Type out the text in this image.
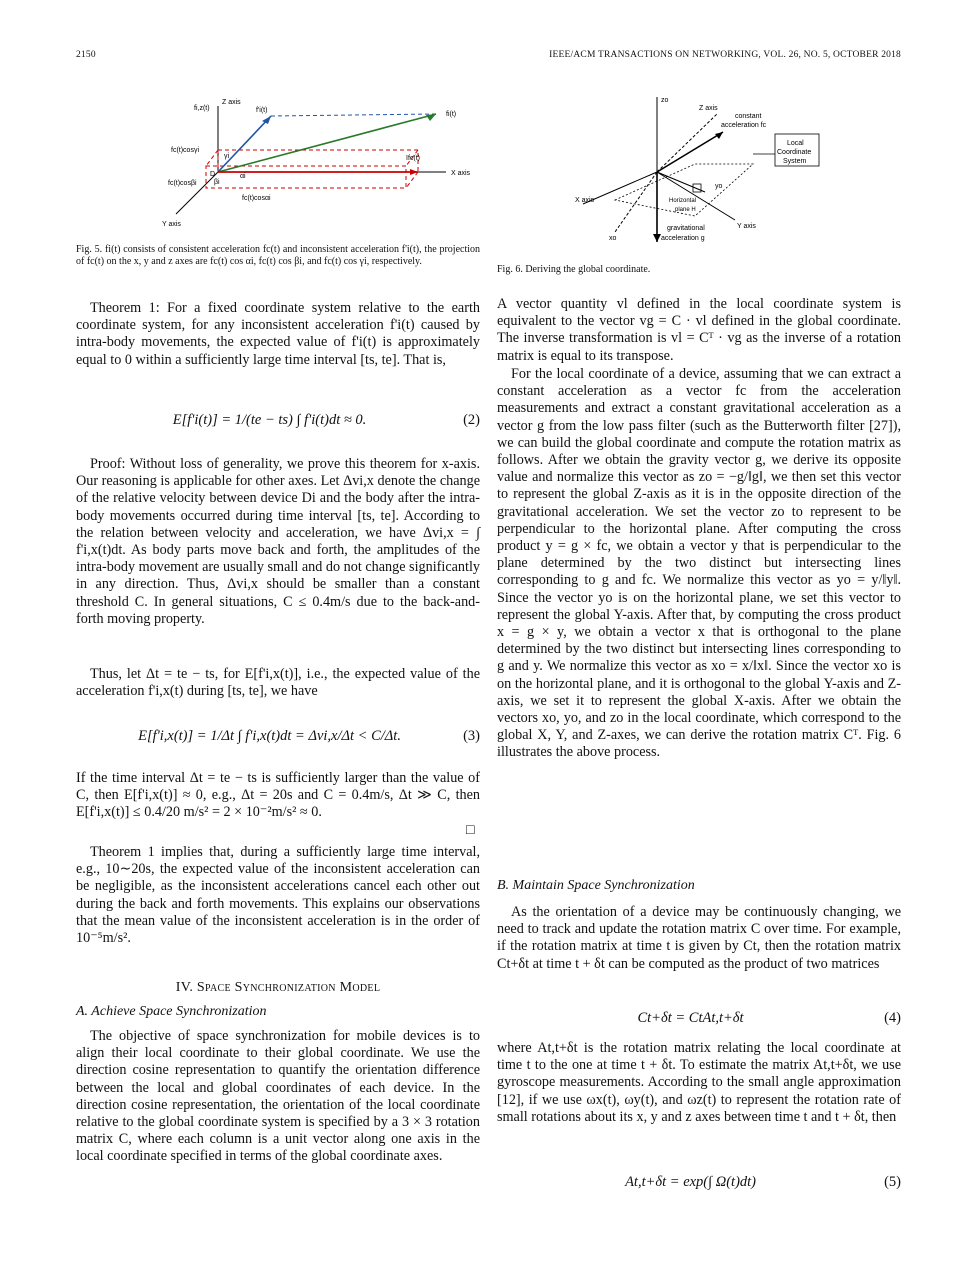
2150	IEEE/ACM TRANSACTIONS ON NETWORKING, VOL. 26, NO. 5, OCTOBER 2018
fi,z(t)
Z axis
f'i(t)
fi(t)
fc(t)cosγi
γi	Ifc(t)
X axis
fc(t)cosβi βi
αi
D
fc(t)cosαi
Y axis
Fig. 5. fi(t) consists of consistent acceleration fc(t) and inconsistent acceleration f'i(t), the projection of fc(t) on the x, y and z axes are fc(t) cos αi, fc(t) cos βi, and fc(t) cos γi, respectively.

Theorem 1: For a fixed coordinate system relative to the earth coordinate system, for any inconsistent acceleration f'i(t) caused by intra-body movements, the expected value of f'i(t) is approximately equal to 0 within a sufficiently large time interval [ts, te]. That is,

E[f'i(t)] = 1/(te − ts) ∫ f'i(t)dt ≈ 0.	(2)

Proof: Without loss of generality, we prove this theorem for x-axis. Our reasoning is applicable for other axes. Let Δvi,x denote the change of the relative velocity between device Di and the body after the intra-body movements occurred during time interval [ts, te]. According to the relation between velocity and acceleration, we have Δvi,x = ∫ f'i,x(t)dt. As body parts move back and forth, the amplitudes of the intra-body movement are usually small and do not change significantly in any direction. Thus, Δvi,x should be smaller than a constant threshold C. In general situations, C ≤ 0.4m/s due to the back-and-forth moving property.

Thus, let Δt = te − ts, for E[f'i,x(t)], i.e., the expected value of the acceleration f'i,x(t) during [ts, te], we have

E[f'i,x(t)] = 1/Δt ∫ f'i,x(t)dt = Δvi,x/Δt < C/Δt.	(3)

If the time interval Δt = te − ts is sufficiently larger than the value of C, then E[f'i,x(t)] ≈ 0, e.g., Δt = 20s and C = 0.4m/s, Δt ≫ C, then E[f'i,x(t)] ≤ 0.4/20 m/s² = 2 × 10⁻²m/s² ≈ 0.

□

Theorem 1 implies that, during a sufficiently large time interval, e.g., 10∼20s, the expected value of the inconsistent acceleration can be negligible, as the inconsistent accelerations cancel each other out during the back and forth movements. This explains our observations that the mean value of the inconsistent acceleration is in the order of 10⁻⁵m/s².

IV. Space Synchronization Model
A. Achieve Space Synchronization

The objective of space synchronization for mobile devices is to align their local coordinate to their global coordinate. We use the direction cosine representation to quantify the orientation difference between the local and global coordinates of each device. In the direction cosine representation, the orientation of the local coordinate relative to the global coordinate system is specified by a 3 × 3 rotation matrix C, where each column is a unit vector along one axis in the local coordinate specified in terms of the global coordinate axes.

zo
Z axis
constant
acceleration fc
Local
Coordinate
System
yo
X axis	Horizontal
plane H
gravitational
acceleration g
Y axis
xo
Fig. 6. Deriving the global coordinate.

A vector quantity vl defined in the local coordinate system is equivalent to the vector vg = C · vl defined in the global coordinate. The inverse transformation is vl = Cᵀ · vg as the inverse of a rotation matrix is equal to its transpose.

For the local coordinate of a device, assuming that we can extract a constant acceleration as a vector fc from the acceleration measurements and extract a constant gravitational acceleration as a vector g from the low pass filter (such as the Butterworth filter [27]), we can build the global coordinate and compute the rotation matrix as follows. After we obtain the gravity vector g, we derive its opposite value and normalize this vector as zo = −g/‖g‖, we then set this vector to represent the global Z-axis as it is in the opposite direction of the gravitational acceleration. We set the vector zo to represent to be perpendicular to the horizontal plane. After computing the cross product y = g × fc, we obtain a vector y that is perpendicular to the plane determined by the two distinct but intersecting lines corresponding to g and fc. We normalize this vector as yo = y/‖y‖. Since the vector yo is on the horizontal plane, we set this vector to represent the global Y-axis. After that, by computing the cross product x = g × y, we obtain a vector x that is orthogonal to the plane determined by the two distinct but intersecting lines corresponding to g and y. We normalize this vector as xo = x/‖x‖. Since the vector xo is on the horizontal plane, and it is orthogonal to the global Y-axis and Z-axis, we set it to represent the global X-axis. After we obtain the vectors xo, yo, and zo in the local coordinate, which correspond to the global X, Y, and Z-axes, we can derive the rotation matrix Cᵀ. Fig. 6 illustrates the above process.

B. Maintain Space Synchronization

As the orientation of a device may be continuously changing, we need to track and update the rotation matrix C over time. For example, if the rotation matrix at time t is given by Ct, then the rotation matrix Ct+δt at time t + δt can be computed as the product of two matrices

Ct+δt = CtAt,t+δt	(4)

where At,t+δt is the rotation matrix relating the local coordinate at time t to the one at time t + δt. To estimate the matrix At,t+δt, we use gyroscope measurements. According to the small angle approximation [12], if we use ωx(t), ωy(t), and ωz(t) to represent the rotation rate of small rotations about its x, y and z axes between time t and t + δt, then

At,t+δt = exp(∫ Ω(t)dt)	(5)
